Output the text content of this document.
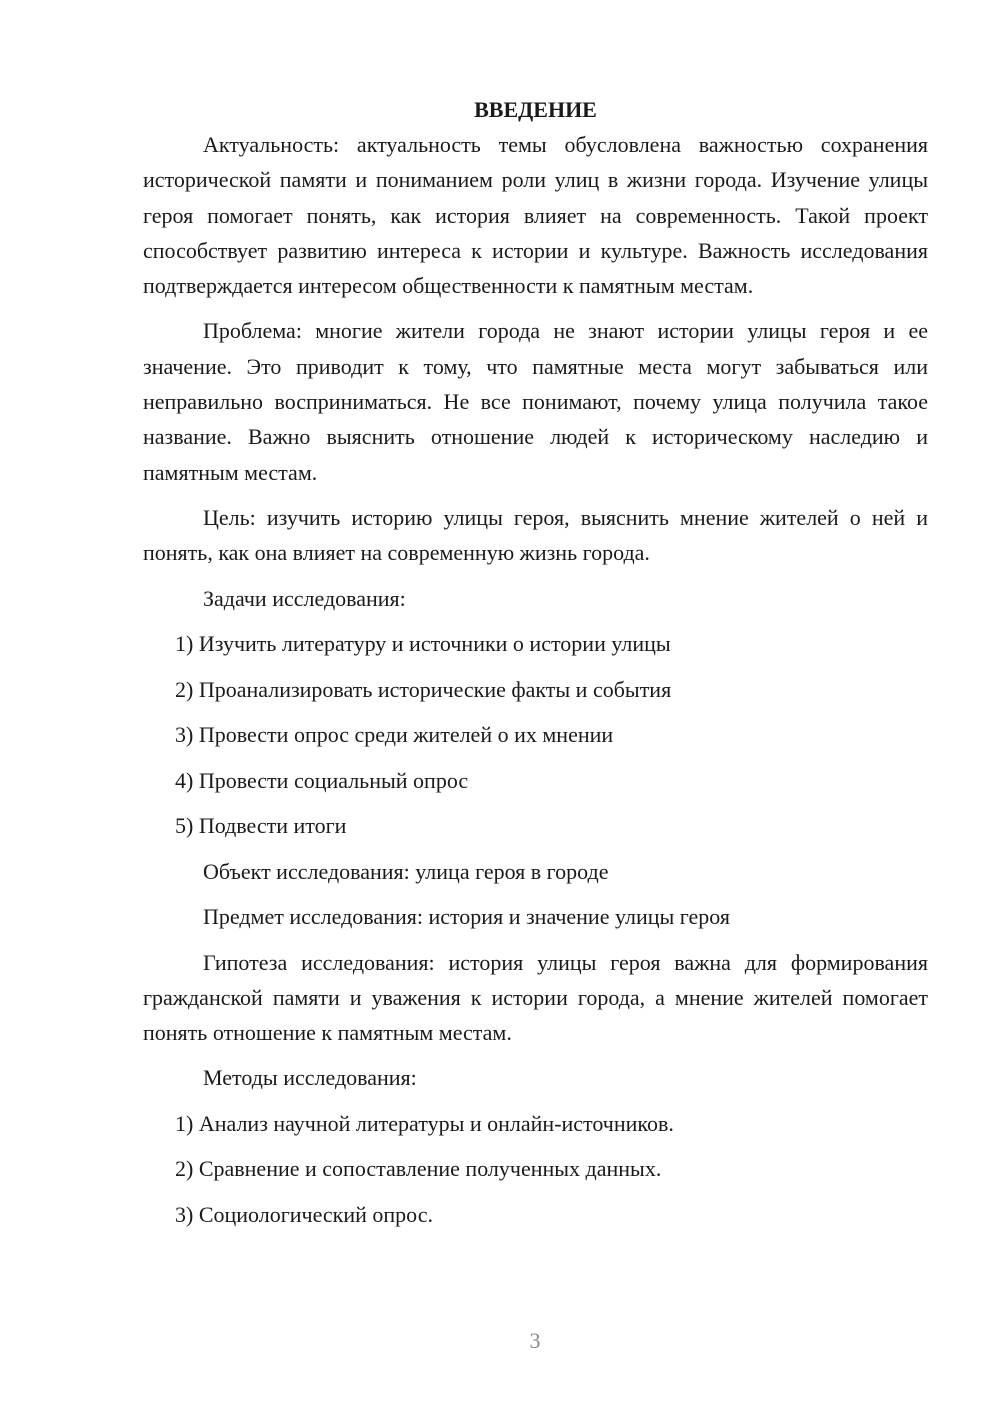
ВВЕДЕНИЕ

Актуальность: актуальность темы обусловлена важностью сохранения исторической памяти и пониманием роли улиц в жизни города. Изучение улицы героя помогает понять, как история влияет на современность. Такой проект способствует развитию интереса к истории и культуре. Важность исследования подтверждается интересом общественности к памятным местам.

Проблема: многие жители города не знают истории улицы героя и ее значение. Это приводит к тому, что памятные места могут забываться или неправильно восприниматься. Не все понимают, почему улица получила такое название. Важно выяснить отношение людей к историческому наследию и памятным местам.

Цель: изучить историю улицы героя, выяснить мнение жителей о ней и понять, как она влияет на современную жизнь города.

Задачи исследования:
1) Изучить литературу и источники о истории улицы
2) Проанализировать исторические факты и события
3) Провести опрос среди жителей о их мнении
4) Провести социальный опрос
5) Подвести итоги
Объект исследования: улица героя в городе
Предмет исследования: история и значение улицы героя

Гипотеза исследования: история улицы героя важна для формирования гражданской памяти и уважения к истории города, а мнение жителей помогает понять отношение к памятным местам.

Методы исследования:
1) Анализ научной литературы и онлайн-источников.
2) Сравнение и сопоставление полученных данных.
3) Социологический опрос.
3
